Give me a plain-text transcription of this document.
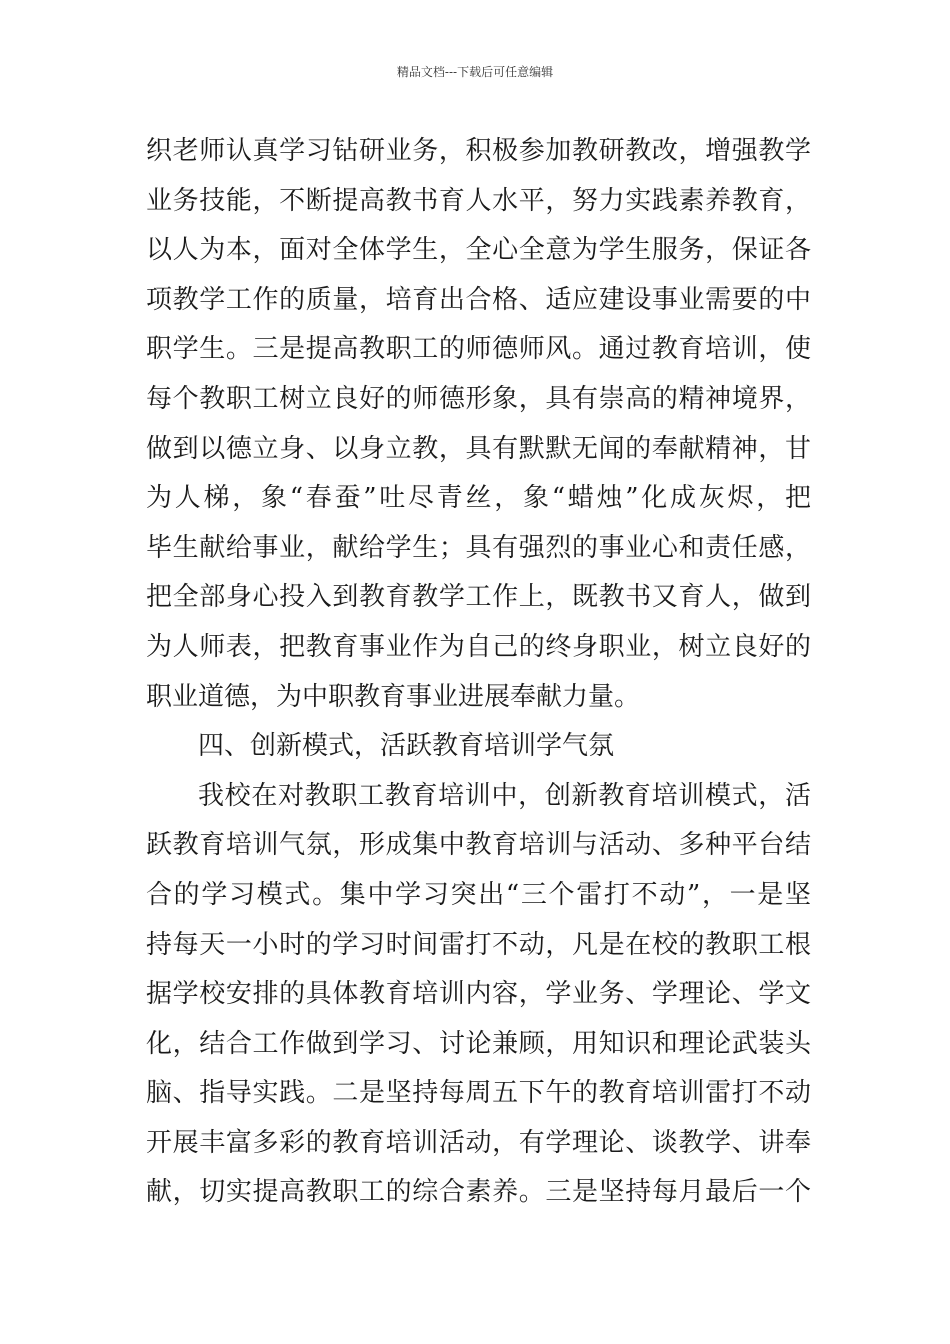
精品文档---下载后可任意编辑
织老师认真学习钻研业务，积极参加教研教改，增强教学
业务技能，不断提高教书育人水平，努力实践素养教育，
以人为本，面对全体学生，全心全意为学生服务，保证各
项教学工作的质量，培育出合格、适应建设事业需要的中
职学生。三是提高教职工的师德师风。通过教育培训，使
每个教职工树立良好的师德形象，具有崇高的精神境界，
做到以德立身、以身立教，具有默默无闻的奉献精神，甘
为人梯，象“春蚕”吐尽青丝，象“蜡烛”化成灰烬，把
毕生献给事业，献给学生；具有强烈的事业心和责任感，
把全部身心投入到教育教学工作上，既教书又育人，做到
为人师表，把教育事业作为自己的终身职业，树立良好的
职业道德，为中职教育事业进展奉献力量。
四、创新模式，活跃教育培训学气氛
我校在对教职工教育培训中，创新教育培训模式，活
跃教育培训气氛，形成集中教育培训与活动、多种平台结
合的学习模式。集中学习突出“三个雷打不动”，一是坚
持每天一小时的学习时间雷打不动，凡是在校的教职工根
据学校安排的具体教育培训内容，学业务、学理论、学文
化，结合工作做到学习、讨论兼顾，用知识和理论武装头
脑、指导实践。二是坚持每周五下午的教育培训雷打不动
开展丰富多彩的教育培训活动，有学理论、谈教学、讲奉
献，切实提高教职工的综合素养。三是坚持每月最后一个
